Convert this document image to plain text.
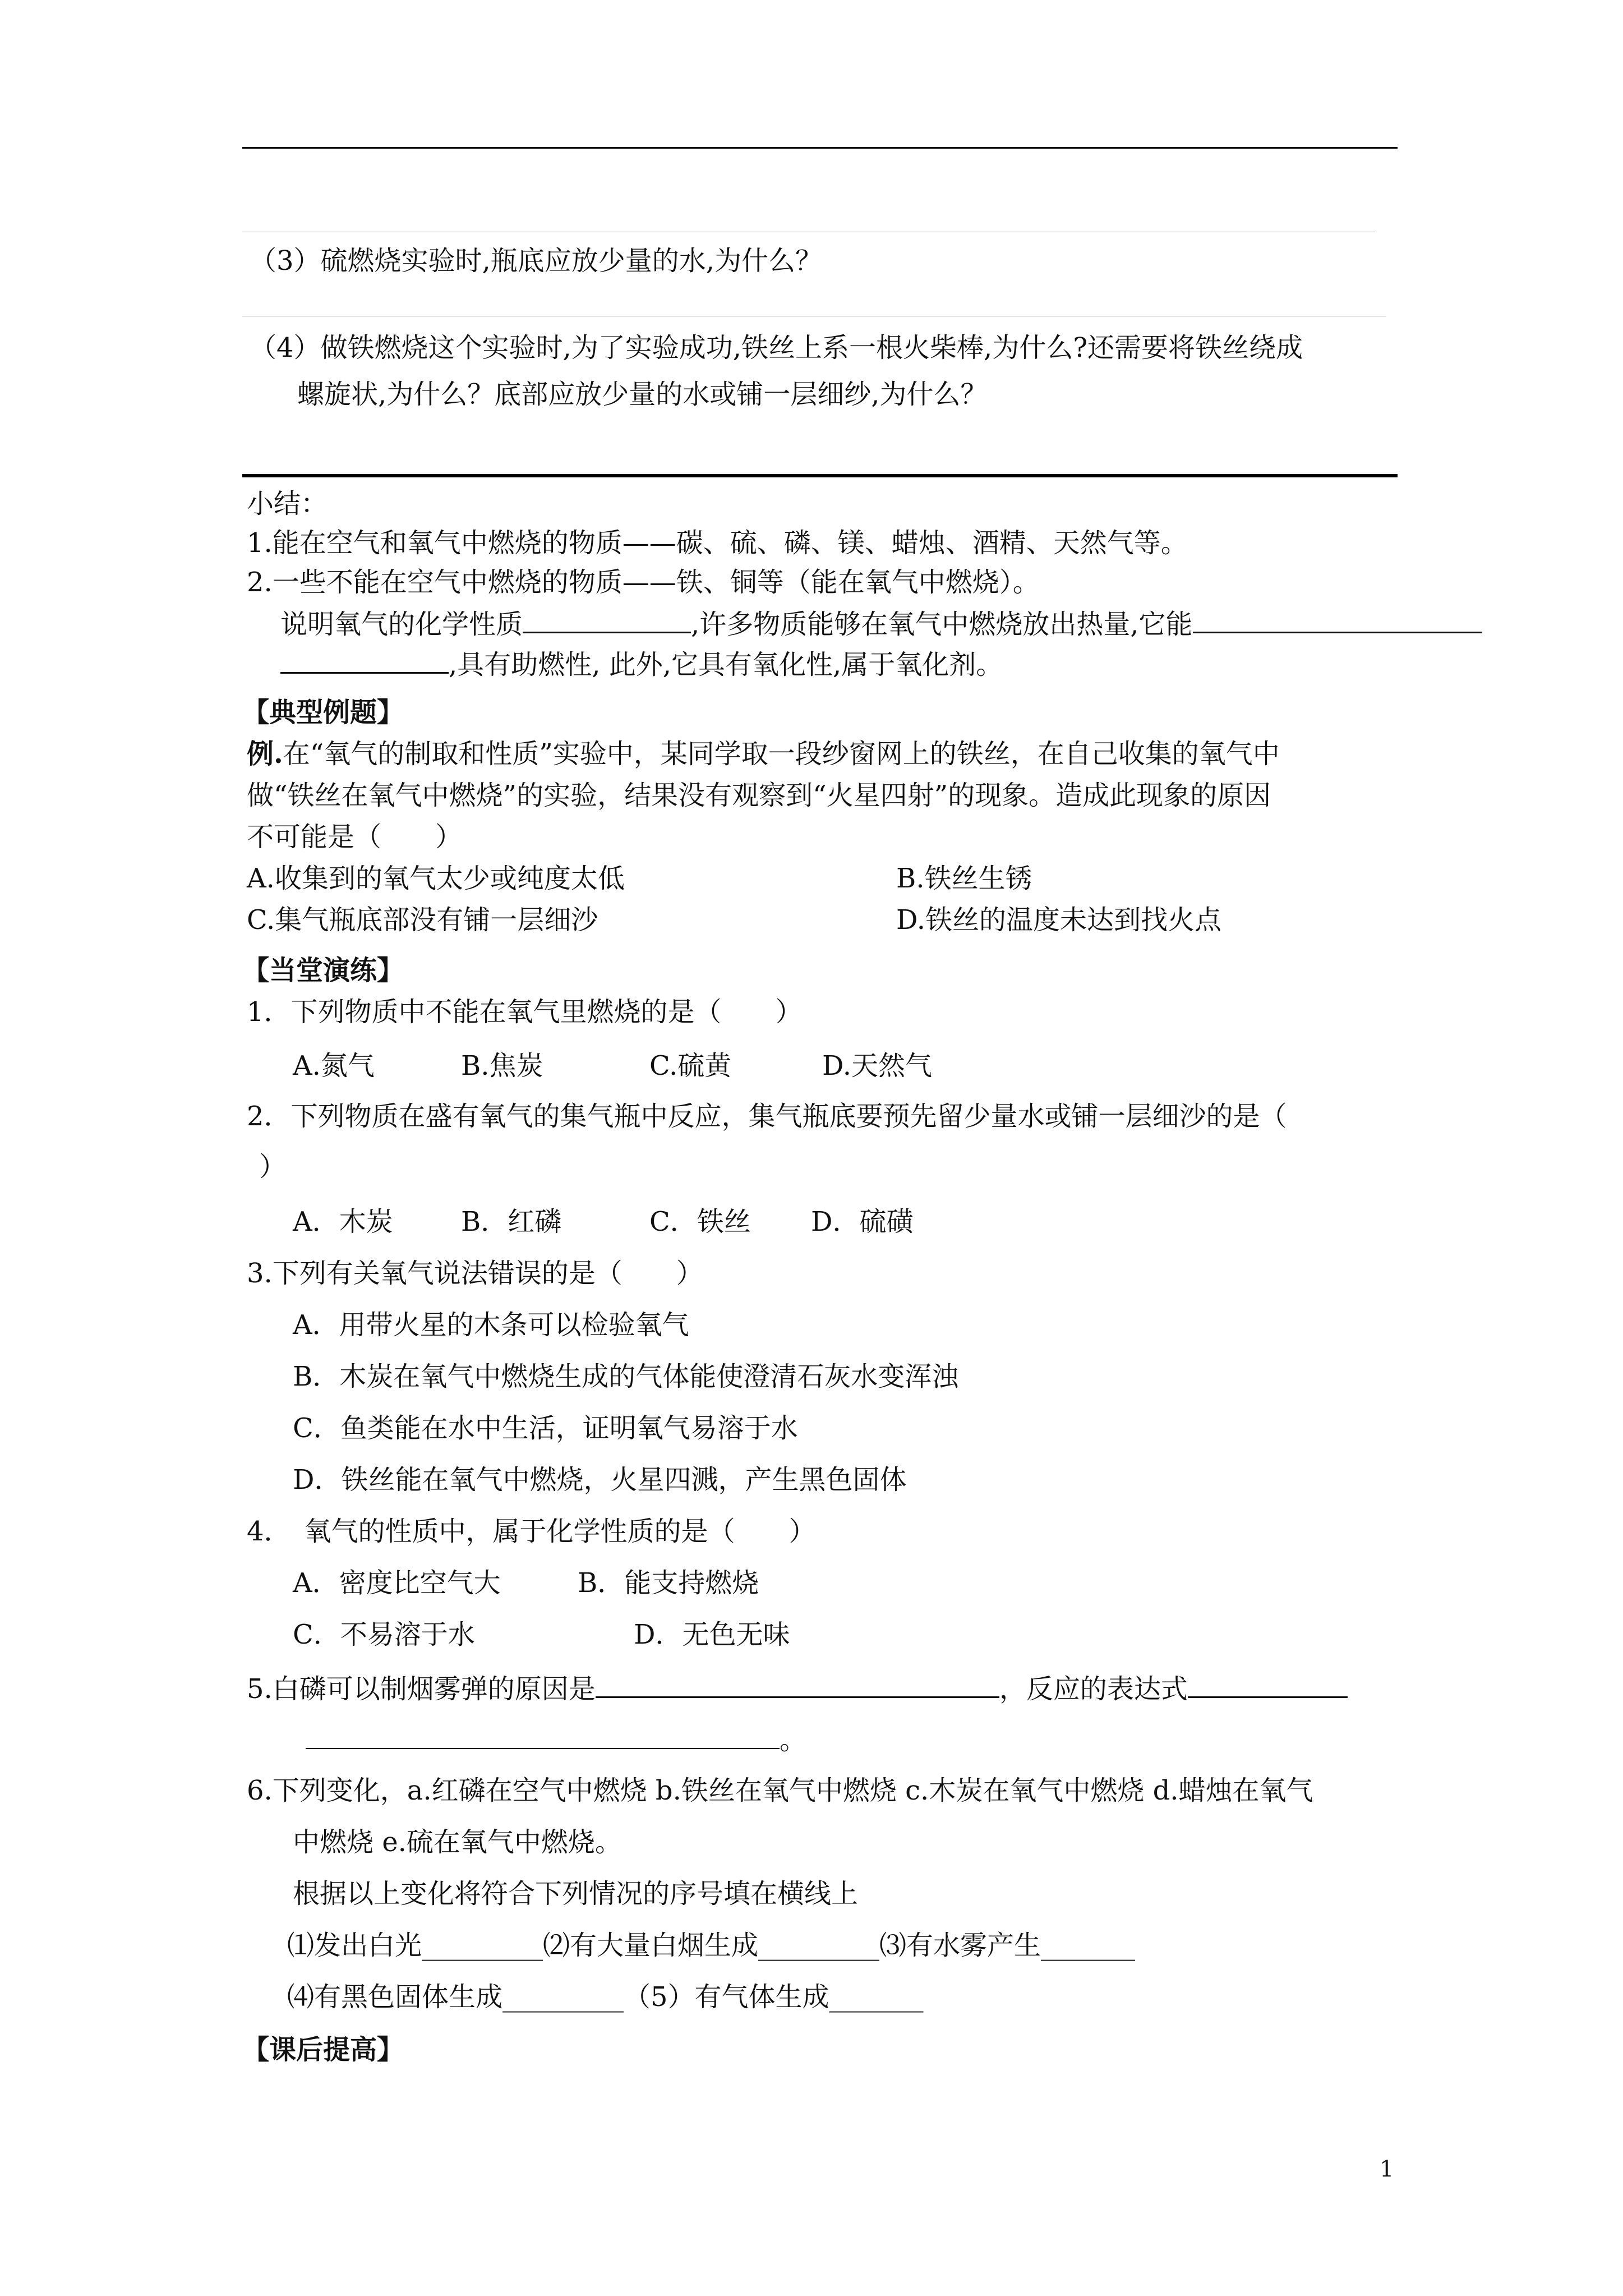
（3）硫燃烧实验时,瓶底应放少量的水,为什么？
（4）做铁燃烧这个实验时,为了实验成功,铁丝上系一根火柴棒,为什么?还需要将铁丝绕成
螺旋状,为什么？底部应放少量的水或铺一层细纱,为什么？
小结：
1.能在空气和氧气中燃烧的物质——碳、硫、磷、镁、蜡烛、酒精、天然气等。
2.一些不能在空气中燃烧的物质——铁、铜等（能在氧气中燃烧）。
说明氧气的化学性质	,许多物质能够在氧气中燃烧放出热量,它能
,具有助燃性, 此外,它具有氧化性,属于氧化剂。
【典型例题】
例.在“氧气的制取和性质”实验中，某同学取一段纱窗网上的铁丝，在自己收集的氧气中
做“铁丝在氧气中燃烧”的实验，结果没有观察到“火星四射”的现象。造成此现象的原因
不可能是（　　）
A.收集到的氧气太少或纯度太低	B.铁丝生锈
C.集气瓶底部没有铺一层细沙	D.铁丝的温度未达到找火点
【当堂演练】
1．下列物质中不能在氧气里燃烧的是（　　）
A.氮气	B.焦炭	C.硫黄	D.天然气
2．下列物质在盛有氧气的集气瓶中反应，集气瓶底要预先留少量水或铺一层细沙的是（
）
A．木炭	B．红磷	C．铁丝 D．硫磺
3.下列有关氧气说法错误的是（　　）
A．用带火星的木条可以检验氧气
B．木炭在氧气中燃烧生成的气体能使澄清石灰水变浑浊
C．鱼类能在水中生活，证明氧气易溶于水
D．铁丝能在氧气中燃烧，火星四溅，产生黑色固体
4．　氧气的性质中，属于化学性质的是（　　）
A．密度比空气大	B．能支持燃烧
C．不易溶于水	D．无色无味
5.白磷可以制烟雾弹的原因是	，反应的表达式
。
6.下列变化，a.红磷在空气中燃烧 b.铁丝在氧气中燃烧 c.木炭在氧气中燃烧 d.蜡烛在氧气
中燃烧 e.硫在氧气中燃烧。
根据以上变化将符合下列情况的序号填在横线上
⑴发出白光_________⑵有大量白烟生成_________⑶有水雾产生_______
⑷有黑色固体生成_________（5）有气体生成_______
【课后提高】
1
